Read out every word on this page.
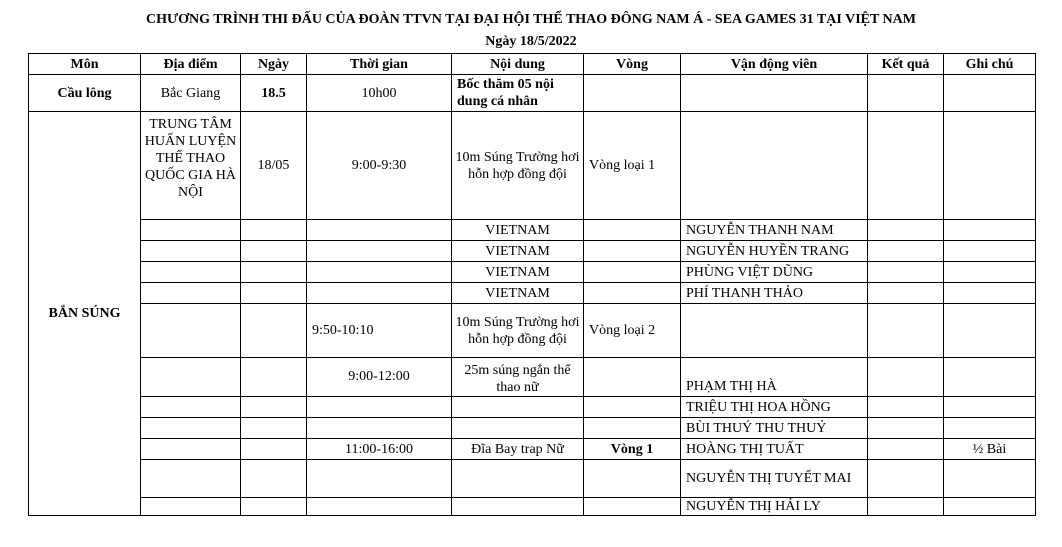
CHƯƠNG TRÌNH THI ĐẤU CỦA ĐOÀN TTVN TẠI ĐẠI HỘI THỂ THAO ĐÔNG NAM Á - SEA GAMES 31 TẠI VIỆT NAM
Ngày 18/5/2022
Môn	Địa điểm	Ngày	Thời gian	Nội dung	Vòng	Vận động viên	Kết quả	Ghi chú
Cầu lông	Bắc Giang	18.5	10h00	Bốc thăm 05 nội dung cá nhân				
BẮN SÚNG	TRUNG TÂM HUẤN LUYỆN THỂ THAO QUỐC GIA HÀ NỘI	18/05	9:00-9:30	10m Súng Trường hơi hỗn hợp đồng đội	Vòng loại 1			
				VIETNAM		NGUYỄN THANH NAM		
				VIETNAM		NGUYỄN HUYỀN TRANG		
				VIETNAM		PHÙNG VIỆT DŨNG		
				VIETNAM		PHÍ THANH THẢO		
			9:50-10:10	10m Súng Trường hơi hỗn hợp đồng đội	Vòng loại 2			
			9:00-12:00	25m súng ngắn thể thao nữ		PHẠM THỊ HÀ		
						TRIỆU THỊ HOA HỒNG		
						BÙI THUÝ THU THUỶ		
			11:00-16:00	Đĩa Bay trap Nữ	Vòng 1	HOÀNG THỊ TUẤT		½ Bài
						NGUYỄN THỊ TUYẾT MAI		
						NGUYỄN THỊ HẢI LY		
